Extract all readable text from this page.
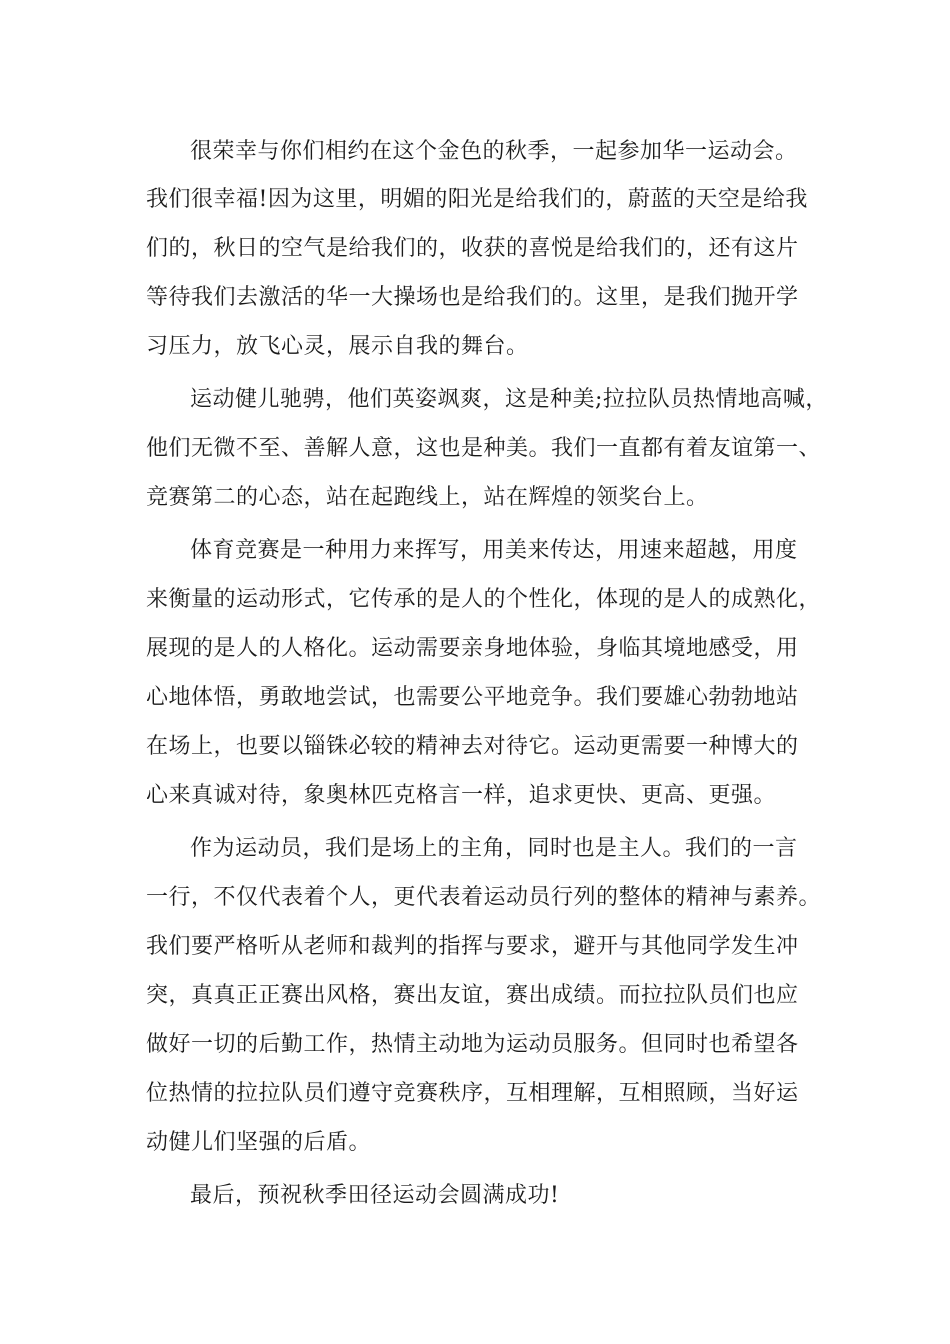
很荣幸与你们相约在这个金色的秋季，一起参加华一运动会。
我们很幸福!因为这里，明媚的阳光是给我们的，蔚蓝的天空是给我
们的，秋日的空气是给我们的，收获的喜悦是给我们的，还有这片
等待我们去激活的华一大操场也是给我们的。这里，是我们抛开学
习压力，放飞心灵，展示自我的舞台。
运动健儿驰骋，他们英姿飒爽，这是种美;拉拉队员热情地高喊，
他们无微不至、善解人意，这也是种美。我们一直都有着友谊第一、
竞赛第二的心态，站在起跑线上，站在辉煌的领奖台上。
体育竞赛是一种用力来挥写，用美来传达，用速来超越，用度
来衡量的运动形式，它传承的是人的个性化，体现的是人的成熟化，
展现的是人的人格化。运动需要亲身地体验，身临其境地感受，用
心地体悟，勇敢地尝试，也需要公平地竞争。我们要雄心勃勃地站
在场上，也要以锱铢必较的精神去对待它。运动更需要一种博大的
心来真诚对待，象奥林匹克格言一样，追求更快、更高、更强。
作为运动员，我们是场上的主角，同时也是主人。我们的一言
一行，不仅代表着个人，更代表着运动员行列的整体的精神与素养。
我们要严格听从老师和裁判的指挥与要求，避开与其他同学发生冲
突，真真正正赛出风格，赛出友谊，赛出成绩。而拉拉队员们也应
做好一切的后勤工作，热情主动地为运动员服务。但同时也希望各
位热情的拉拉队员们遵守竞赛秩序，互相理解，互相照顾，当好运
动健儿们坚强的后盾。
最后，预祝秋季田径运动会圆满成功!
